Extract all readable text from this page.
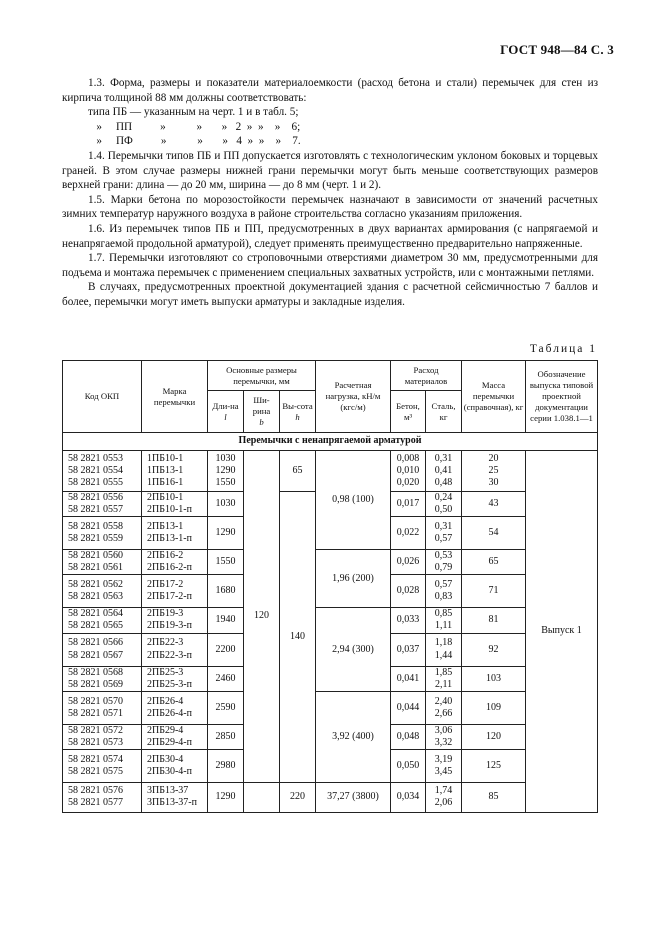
ГОСТ 948—84 С. 3

1.3. Форма, размеры и показатели материалоемкости (расход бетона и стали) перемычек для стен из кирпича толщиной 88 мм должны соответствовать:

типа ПБ — указанным на черт. 1 и в табл. 5;

»     ПП          »           »       »   2  »  »    »    6;

»     ПФ          »           »       »   4  »  »    »    7.

1.4. Перемычки типов ПБ и ПП допускается изготовлять с технологическим уклоном боковых и торцевых граней. В этом случае размеры нижней грани перемычки могут быть меньше соответствующих размеров верхней грани: длина — до 20 мм, ширина — до 8 мм (черт. 1 и 2).

1.5. Марки бетона по морозостойкости перемычек назначают в зависимости от значений расчетных зимних температур наружного воздуха в районе строительства согласно указаниям приложения.

1.6. Из перемычек типов ПБ и ПП, предусмотренных в двух вариантах армирования (с напрягаемой и ненапрягаемой продольной арматурой), следует применять преимущественно предварительно напряженные.

1.7. Перемычки изготовляют со строповочными отверстиями диаметром 30 мм, предусмотренными для подъема и монтажа перемычек с применением специальных захватных устройств, или с монтажными петлями.

В случаях, предусмотренных проектной документацией здания с расчетной сейсмичностью 7 баллов и более, перемычки могут иметь выпуски арматуры и закладные изделия.

Таблица 1
Код ОКП	Марка перемычки	Основные размеры перемычки, мм			Расчетная нагрузка, кН/м (кгс/м)	Расход материалов		Масса перемычки (справочная), кг	Обозначение выпуска типовой проектной документации серии 1.038.1—1
		Дли-на
l	Ши-рина
b	Вы-сота
h		Бетон, м³	Сталь, кг		
Перемычки с ненапрягаемой арматурой									
58 2821 0553
58 2821 0554
58 2821 0555	1ПБ10-1
1ПБ13-1
1ПБ16-1	1030
1290
1550	120	65	0,98 (100)	0,008
0,010
0,020	0,31
0,41
0,48	20
25
30	Выпуск 1
58 2821 0556
58 2821 0557	2ПБ10-1
2ПБ10-1-п	1030		140		0,017	0,24
0,50	43	
58 2821 0558
58 2821 0559	2ПБ13-1
2ПБ13-1-п	1290				0,022	0,31
0,57	54	
58 2821 0560
58 2821 0561	2ПБ16-2
2ПБ16-2-п	1550			1,96 (200)	0,026	0,53
0,79	65	
58 2821 0562
58 2821 0563	2ПБ17-2
2ПБ17-2-п	1680				0,028	0,57
0,83	71	
58 2821 0564
58 2821 0565	2ПБ19-3
2ПБ19-3-п	1940			2,94 (300)	0,033	0,85
1,11	81	
58 2821 0566
58 2821 0567	2ПБ22-3
2ПБ22-3-п	2200				0,037	1,18
1,44	92	
58 2821 0568
58 2821 0569	2ПБ25-3
2ПБ25-3-п	2460				0,041	1,85
2,11	103	
58 2821 0570
58 2821 0571	2ПБ26-4
2ПБ26-4-п	2590			3,92 (400)	0,044	2,40
2,66	109	
58 2821 0572
58 2821 0573	2ПБ29-4
2ПБ29-4-п	2850				0,048	3,06
3,32	120	
58 2821 0574
58 2821 0575	2ПБ30-4
2ПБ30-4-п	2980				0,050	3,19
3,45	125	
58 2821 0576
58 2821 0577	3ПБ13-37
3ПБ13-37-п	1290		220	37,27 (3800)	0,034	1,74
2,06	85	
